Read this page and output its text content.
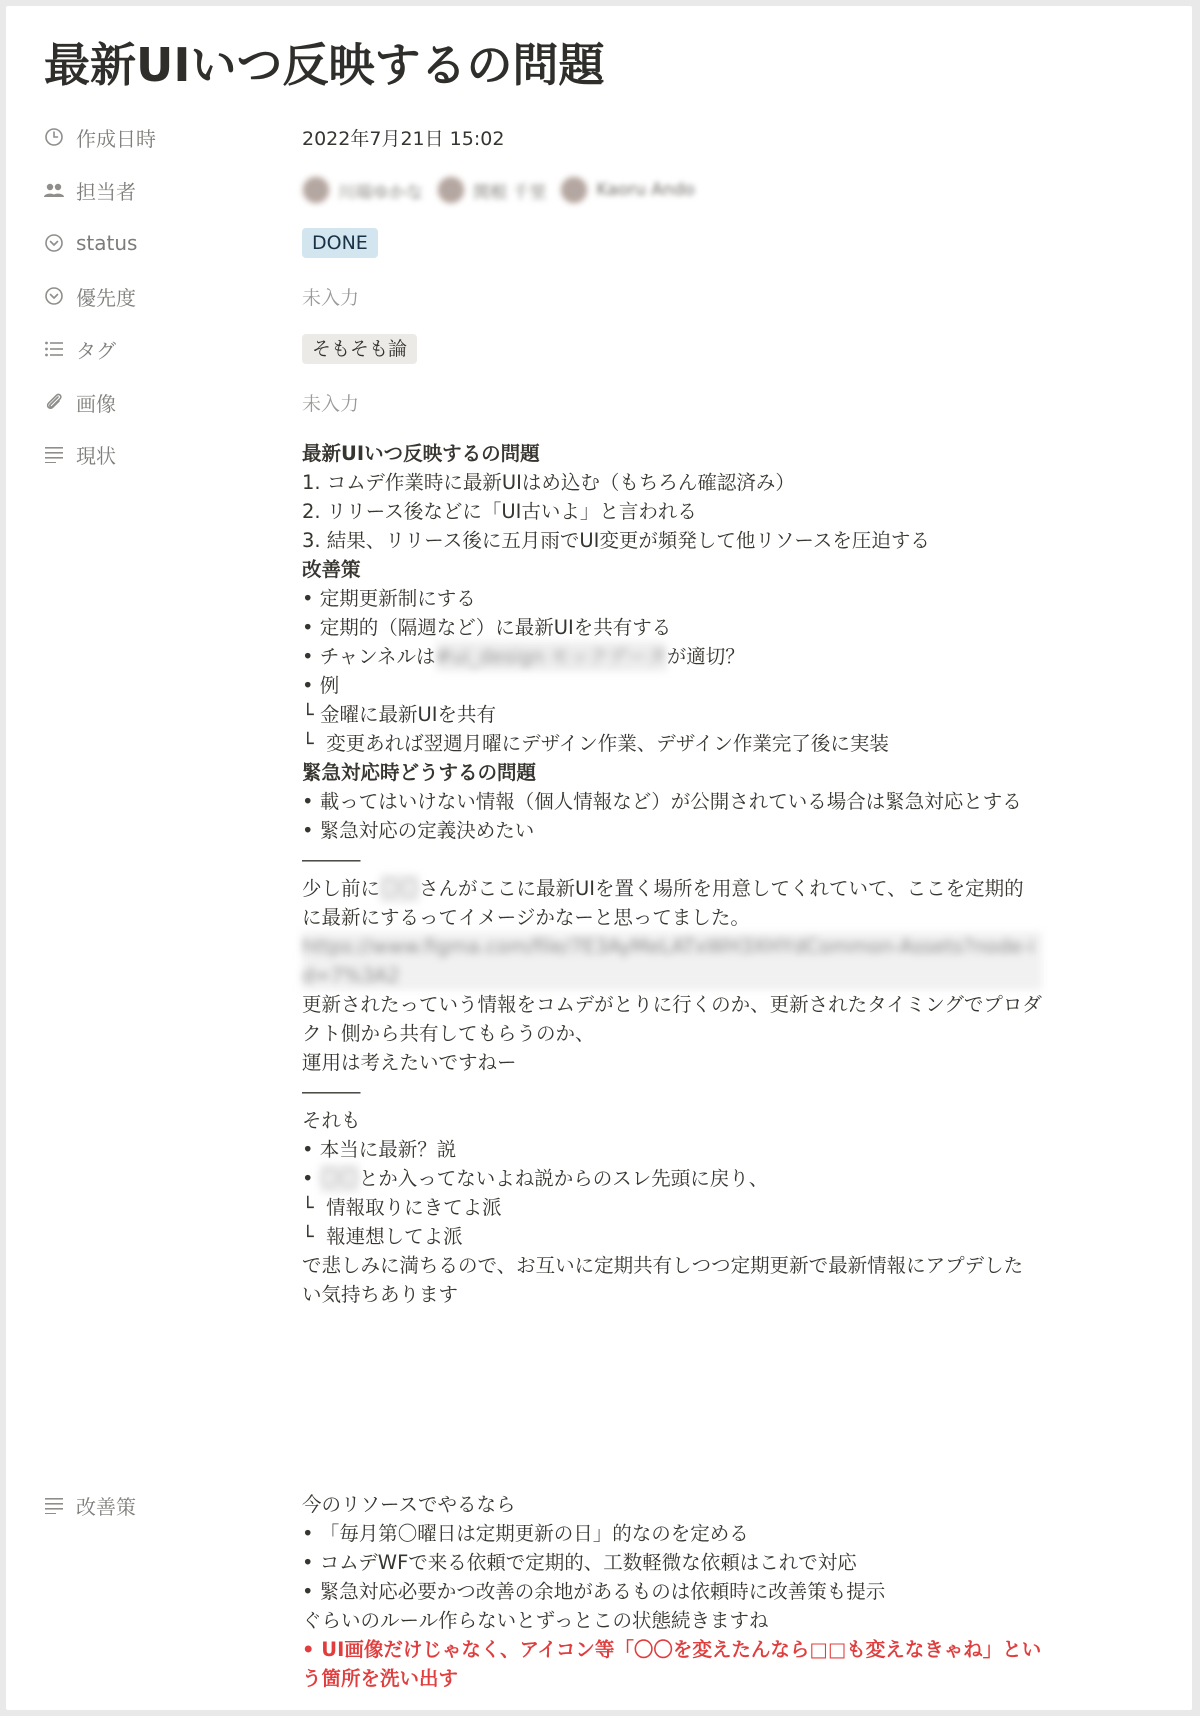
最新UIいつ反映するの問題
作成日時	2022年7月21日 15:02
担当者	川端ゆかな	関根 千里	Kaoru Ando
status	DONE
優先度	未入力
タグ	そもそも論
画像	未入力
現状	最新UIいつ反映するの問題
1. コムデ作業時に最新UIはめ込む（もちろん確認済み）
2. リリース後などに「UI古いよ」と言われる
3. 結果、リリース後に五月雨でUI変更が頻発して他リソースを圧迫する
改善策
• 定期更新制にする
• 定期的（隔週など）に最新UIを共有する
• チャンネルは#ui_design モックデータが適切？
• 例
└ 金曜に最新UIを共有
└  変更あれば翌週月曜にデザイン作業、デザイン作業完了後に実装
緊急対応時どうするの問題
• 載ってはいけない情報（個人情報など）が公開されている場合は緊急対応とする
• 緊急対応の定義決めたい
―――
少し前に〇〇さんがここに最新UIを置く場所を用意してくれていて、ここを定期的に最新にするってイメージかなーと思ってました。
https://www.figma.com/file/7E3AyMeLATxWH3XHYdCommon-Assets?node-id=7%3A2
更新されたっていう情報をコムデがとりに行くのか、更新されたタイミングでプロダクト側から共有してもらうのか、
運用は考えたいですねー
―――
それも
• 本当に最新？説
• 〇〇とか入ってないよね説からのスレ先頭に戻り、
└  情報取りにきてよ派
└  報連想してよ派
で悲しみに満ちるので、お互いに定期共有しつつ定期更新で最新情報にアプデしたい気持ちあります
改善策	今のリソースでやるなら
• 「毎月第〇曜日は定期更新の日」的なのを定める
• コムデWFで来る依頼で定期的、工数軽微な依頼はこれで対応
• 緊急対応必要かつ改善の余地があるものは依頼時に改善策も提示
ぐらいのルール作らないとずっとこの状態続きますね
• UI画像だけじゃなく、アイコン等「〇〇を変えたんなら□□も変えなきゃね」という箇所を洗い出す
